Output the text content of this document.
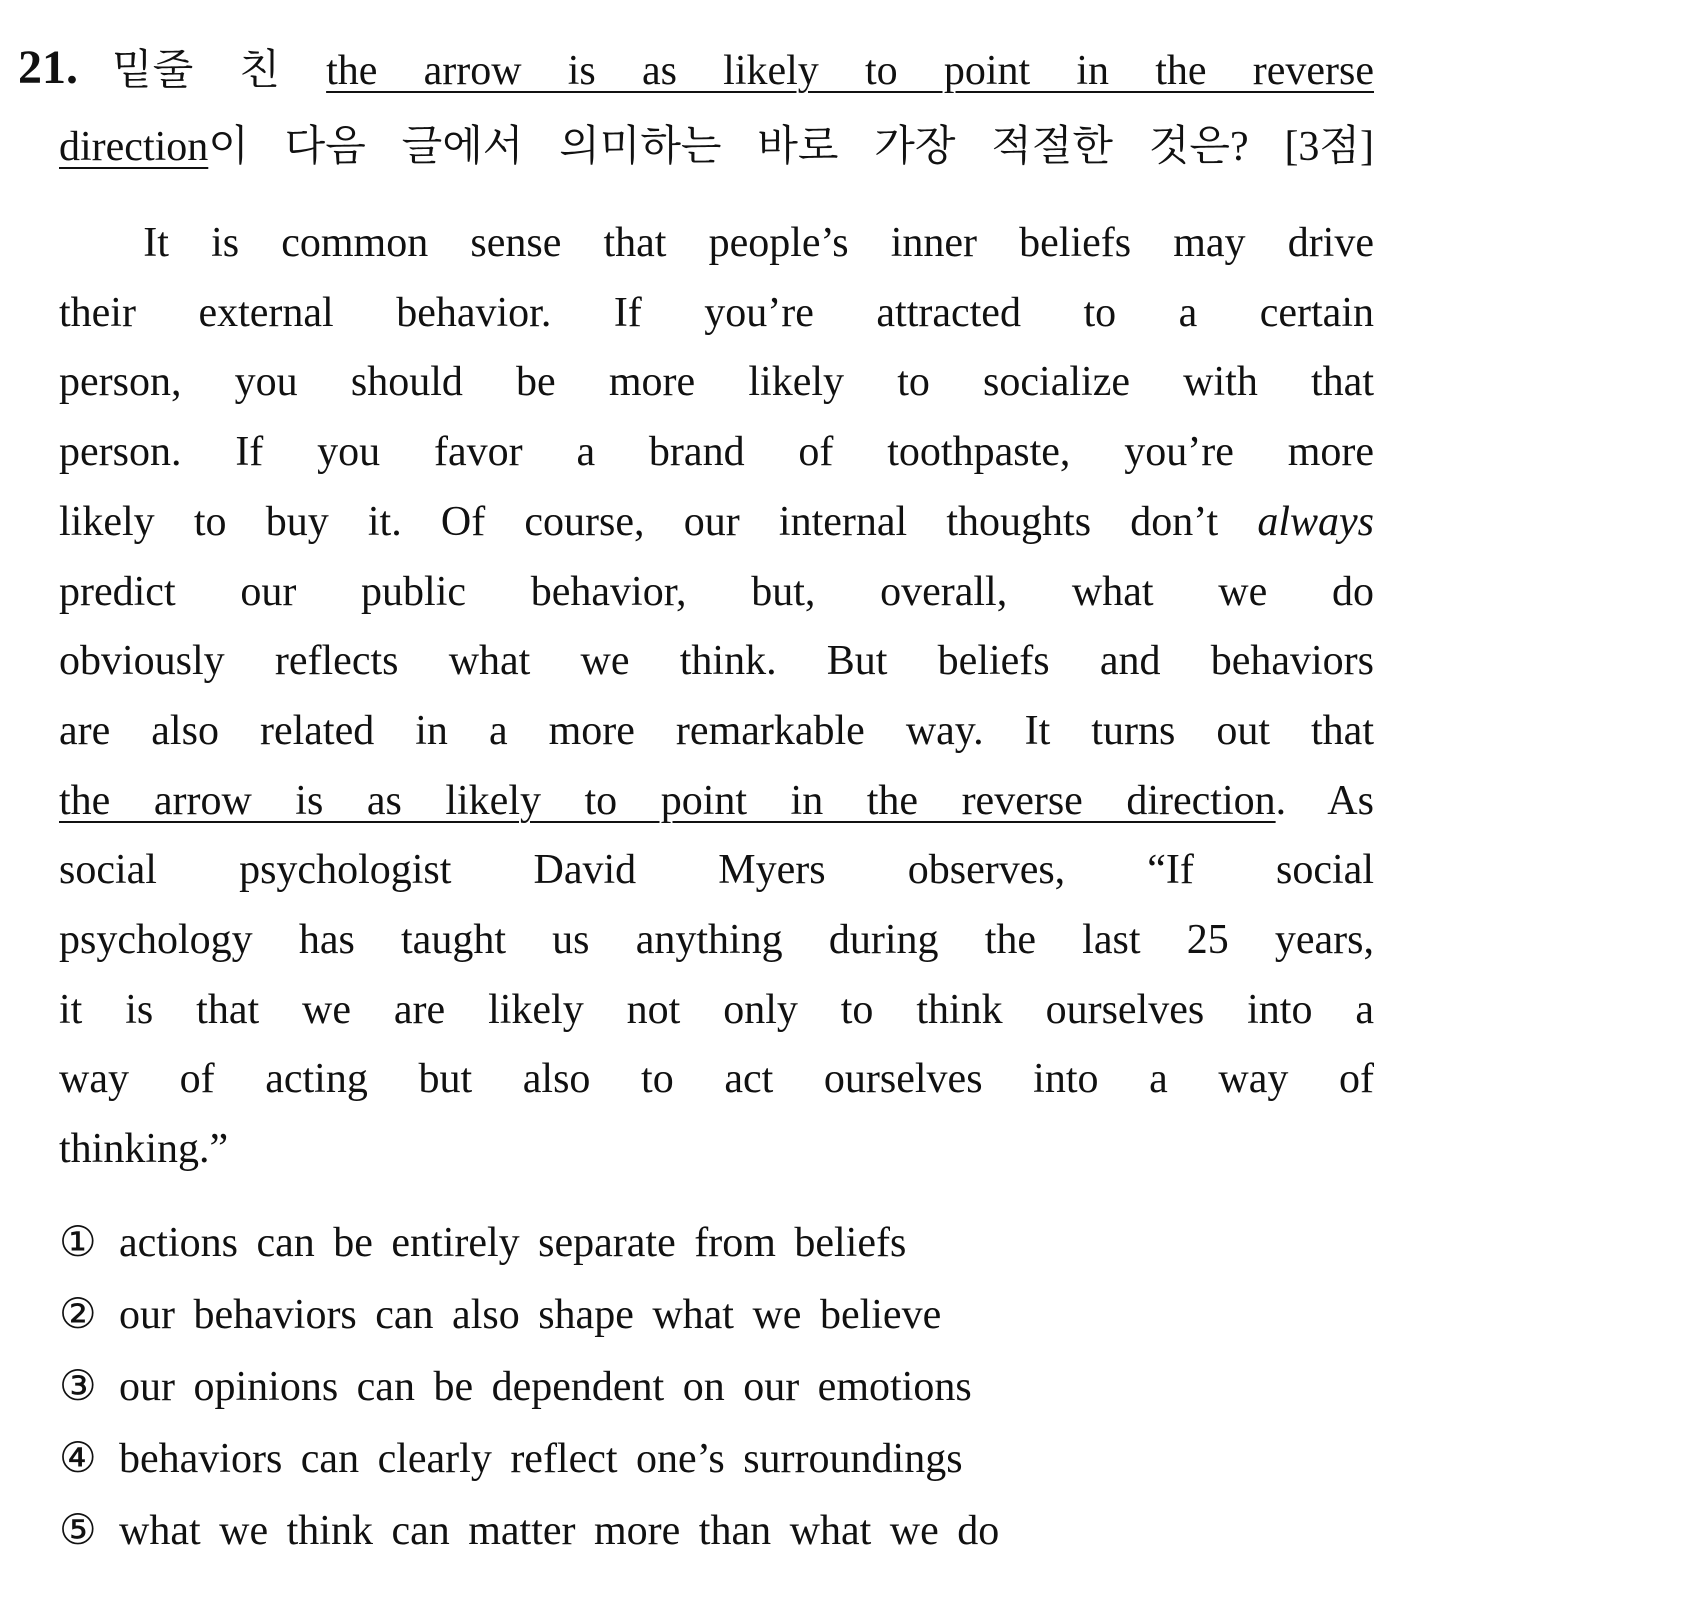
21. 밑줄 친 the arrow is as likely to point in the reverse
direction이 다음 글에서 의미하는 바로 가장 적절한 것은? [3점]
It is common sense that people’s inner beliefs may drive
their external behavior. If you’re attracted to a certain
person, you should be more likely to socialize with that
person. If you favor a brand of toothpaste, you’re more
likely to buy it. Of course, our internal thoughts don’t always
predict our public behavior, but, overall, what we do
obviously reflects what we think. But beliefs and behaviors
are also related in a more remarkable way. It turns out that
the arrow is as likely to point in the reverse direction. As
social psychologist David Myers observes, “If social
psychology has taught us anything during the last 25 years,
it is that we are likely not only to think ourselves into a
way of acting but also to act ourselves into a way of
thinking.”
① actions can be entirely separate from beliefs
② our behaviors can also shape what we believe
③ our opinions can be dependent on our emotions
④ behaviors can clearly reflect one’s surroundings
⑤ what we think can matter more than what we do
